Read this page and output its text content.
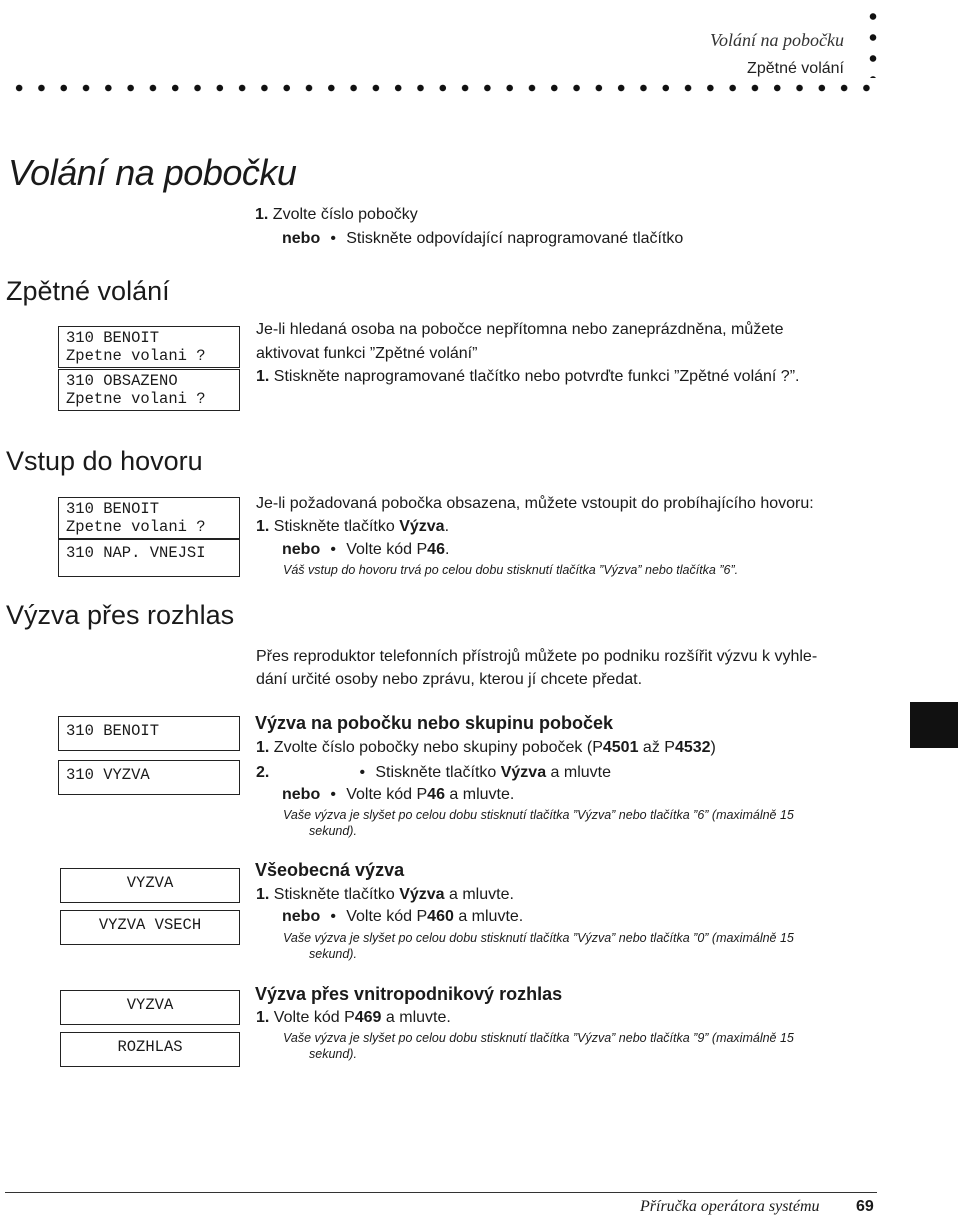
Volání na pobočku
Zpětné volání
Volání na pobočku
1. Zvolte číslo pobočky
nebo • Stiskněte odpovídající naprogramované tlačítko
Zpětné volání
310 BENOIT
Zpetne volani ?
310 OBSAZENO
Zpetne volani ?
Je-li hledaná osoba na pobočce nepřítomna nebo zaneprázdněna, můžete
aktivovat funkci ”Zpětné volání”
1. Stiskněte naprogramované tlačítko nebo potvrďte funkci ”Zpětné volání ?”.
Vstup do hovoru
310 BENOIT
Zpetne volani ?
310 NAP. VNEJSI
Je-li požadovaná pobočka obsazena, můžete vstoupit do probíhajícího hovoru:
1. Stiskněte tlačítko Výzva.
nebo • Volte kód P46.
Váš vstup do hovoru trvá po celou dobu stisknutí tlačítka ”Výzva” nebo tlačítka ”6”.
Výzva přes rozhlas
Přes reproduktor telefonních přístrojů můžete po podniku rozšířit výzvu k vyhle-
dání určité osoby nebo zprávu, kterou jí chcete předat.
310 BENOIT
310 VYZVA
Výzva na pobočku nebo skupinu poboček
1. Zvolte číslo pobočky nebo skupiny poboček (P4501 až P4532)
2.	• Stiskněte tlačítko Výzva a mluvte
nebo • Volte kód P46 a mluvte.
Vaše výzva je slyšet po celou dobu stisknutí tlačítka ”Výzva” nebo tlačítka ”6” (maximálně 15
sekund).
VYZVA
VYZVA VSECH
Všeobecná výzva
1. Stiskněte tlačítko Výzva a mluvte.
nebo • Volte kód P460 a mluvte.
Vaše výzva je slyšet po celou dobu stisknutí tlačítka ”Výzva” nebo tlačítka ”0” (maximálně 15
sekund).
VYZVA
ROZHLAS
Výzva přes vnitropodnikový rozhlas
1. Volte kód P469 a mluvte.
Vaše výzva je slyšet po celou dobu stisknutí tlačítka ”Výzva” nebo tlačítka ”9” (maximálně 15
sekund).
Příručka operátora systému 69
